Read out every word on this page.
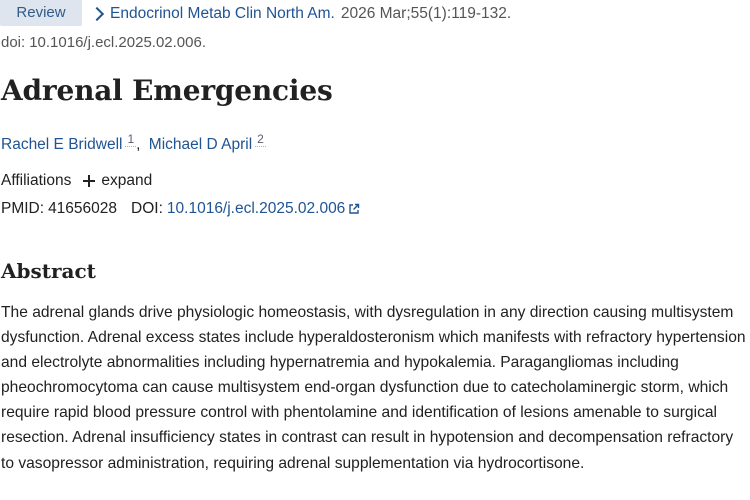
Review	Endocrinol Metab Clin North Am. 2026 Mar;55(1):119-132.
doi: 10.1016/j.ecl.2025.02.006.
Adrenal Emergencies
Rachel E Bridwell 1 , Michael D April 2
Affiliations expand
PMID: 41656028 DOI: 10.1016/j.ecl.2025.02.006
Abstract

The adrenal glands drive physiologic homeostasis, with dysregulation in any direction causing multisystem dysfunction. Adrenal excess states include hyperaldosteronism which manifests with refractory hypertension and electrolyte abnormalities including hypernatremia and hypokalemia. Paragangliomas including pheochromocytoma can cause multisystem end-organ dysfunction due to catecholaminergic storm, which require rapid blood pressure control with phentolamine and identification of lesions amenable to surgical resection. Adrenal insufficiency states in contrast can result in hypotension and decompensation refractory to vasopressor administration, requiring adrenal supplementation via hydrocortisone.
